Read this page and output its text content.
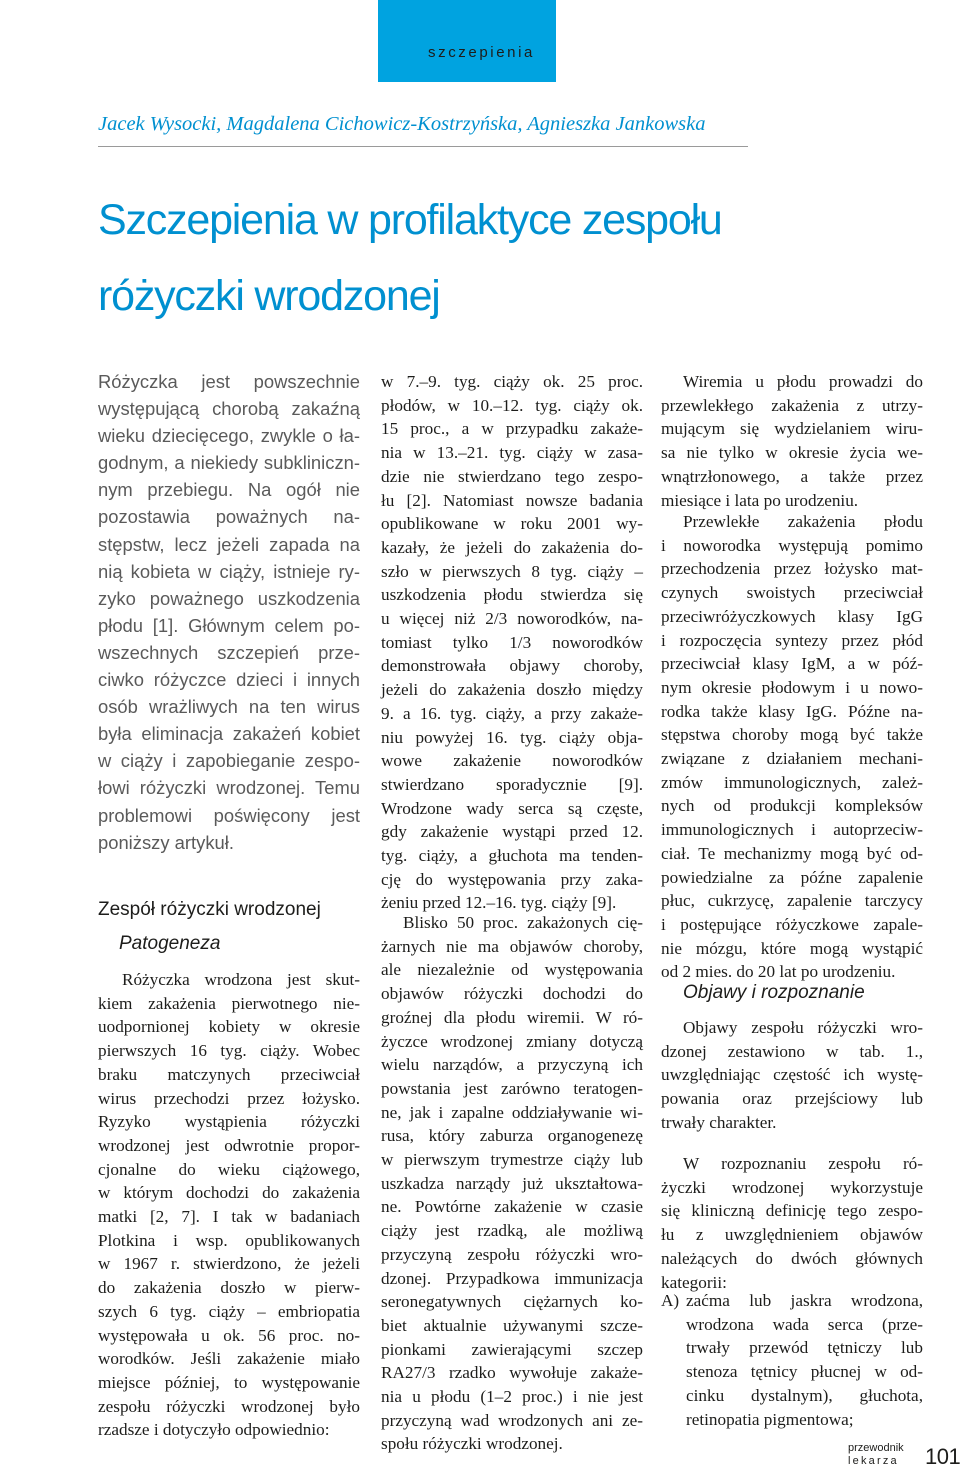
szczepienia
Jacek Wysocki, Magdalena Cichowicz-Kostrzyńska, Agnieszka Jankowska
Szczepienia w profilaktyce zespołu
różyczki wrodzonej
Różyczka jest powszechnie
występującą chorobą zakaźną
wieku dziecięcego, zwykle o ła-
godnym, a niekiedy subkliniczn-
nym przebiegu. Na ogół nie
pozostawia poważnych na-
stępstw, lecz jeżeli zapada na
nią kobieta w ciąży, istnieje ry-
zyko poważnego uszkodzenia
płodu [1]. Głównym celem po-
wszechnych szczepień prze-
ciwko różyczce dzieci i innych
osób wrażliwych na ten wirus
była eliminacja zakażeń kobiet
w ciąży i zapobieganie zespo-
łowi różyczki wrodzonej. Temu
problemowi poświęcony jest
poniższy artykuł.
Zespół różyczki wrodzonej
Patogeneza
Różyczka wrodzona jest skut-
kiem zakażenia pierwotnego nie-
uodpornionej kobiety w okresie
pierwszych 16 tyg. ciąży. Wobec
braku matczynych przeciwciał
wirus przechodzi przez łożysko.
Ryzyko wystąpienia różyczki
wrodzonej jest odwrotnie propor-
cjonalne do wieku ciążowego,
w którym dochodzi do zakażenia
matki [2, 7]. I tak w badaniach
Plotkina i wsp. opublikowanych
w 1967 r. stwierdzono, że jeżeli
do zakażenia doszło w pierw-
szych 6 tyg. ciąży – embriopatia
występowała u ok. 56 proc. no-
worodków. Jeśli zakażenie miało
miejsce później, to występowanie
zespołu różyczki wrodzonej było
rzadsze i dotyczyło odpowiednio:
w 7.–9. tyg. ciąży ok. 25 proc.
płodów, w 10.–12. tyg. ciąży ok.
15 proc., a w przypadku zakaże-
nia w 13.–21. tyg. ciąży w zasa-
dzie nie stwierdzano tego zespo-
łu [2]. Natomiast nowsze badania
opublikowane w roku 2001 wy-
kazały, że jeżeli do zakażenia do-
szło w pierwszych 8 tyg. ciąży –
uszkodzenia płodu stwierdza się
u więcej niż 2/3 noworodków, na-
tomiast tylko 1/3 noworodków
demonstrowała objawy choroby,
jeżeli do zakażenia doszło między
9. a 16. tyg. ciąży, a przy zakaże-
niu powyżej 16. tyg. ciąży obja-
wowe zakażenie noworodków
stwierdzano sporadycznie [9].
Wrodzone wady serca są częste,
gdy zakażenie wystąpi przed 12.
tyg. ciąży, a głuchota ma tenden-
cję do występowania przy zaka-
żeniu przed 12.–16. tyg. ciąży [9].
Blisko 50 proc. zakażonych cię-
żarnych nie ma objawów choroby,
ale niezależnie od występowania
objawów różyczki dochodzi do
groźnej dla płodu wiremii. W ró-
życzce wrodzonej zmiany dotyczą
wielu narządów, a przyczyną ich
powstania jest zarówno teratogen-
ne, jak i zapalne oddziaływanie wi-
rusa, który zaburza organogenezę
w pierwszym trymestrze ciąży lub
uszkadza narządy już ukształtowa-
ne. Powtórne zakażenie w czasie
ciąży jest rzadką, ale możliwą
przyczyną zespołu różyczki wro-
dzonej. Przypadkowa immunizacja
seronegatywnych ciężarnych ko-
biet aktualnie używanymi szcze-
pionkami zawierającymi szczep
RA27/3 rzadko wywołuje zakaże-
nia u płodu (1–2 proc.) i nie jest
przyczyną wad wrodzonych ani ze-
społu różyczki wrodzonej.
Wiremia u płodu prowadzi do
przewlekłego zakażenia z utrzy-
mującym się wydzielaniem wiru-
sa nie tylko w okresie życia we-
wnątrzłonowego, a także przez
miesiące i lata po urodzeniu.
Przewlekłe zakażenia płodu
i noworodka występują pomimo
przechodzenia przez łożysko mat-
czynych swoistych przeciwciał
przeciwróżyczkowych klasy IgG
i rozpoczęcia syntezy przez płód
przeciwciał klasy IgM, a w póź-
nym okresie płodowym i u nowo-
rodka także klasy IgG. Późne na-
stępstwa choroby mogą być także
związane z działaniem mechani-
zmów immunologicznych, zależ-
nych od produkcji kompleksów
immunologicznych i autoprzeciw-
ciał. Te mechanizmy mogą być od-
powiedzialne za późne zapalenie
płuc, cukrzycę, zapalenie tarczycy
i postępujące różyczkowe zapale-
nie mózgu, które mogą wystąpić
od 2 mies. do 20 lat po urodzeniu.
Objawy i rozpoznanie
Objawy zespołu różyczki wro-
dzonej zestawiono w tab. 1.,
uwzględniając częstość ich wystę-
powania oraz przejściowy lub
trwały charakter.
W rozpoznaniu zespołu ró-
życzki wrodzonej wykorzystuje
się kliniczną definicję tego zespo-
łu z uwzględnieniem objawów
należących do dwóch głównych
kategorii:
A) zaćma lub jaskra wrodzona,
wrodzona wada serca (prze-
trwały przewód tętniczy lub
stenoza tętnicy płucnej w od-
cinku dystalnym), głuchota,
retinopatia pigmentowa;
przewodnik
lekarza 101
